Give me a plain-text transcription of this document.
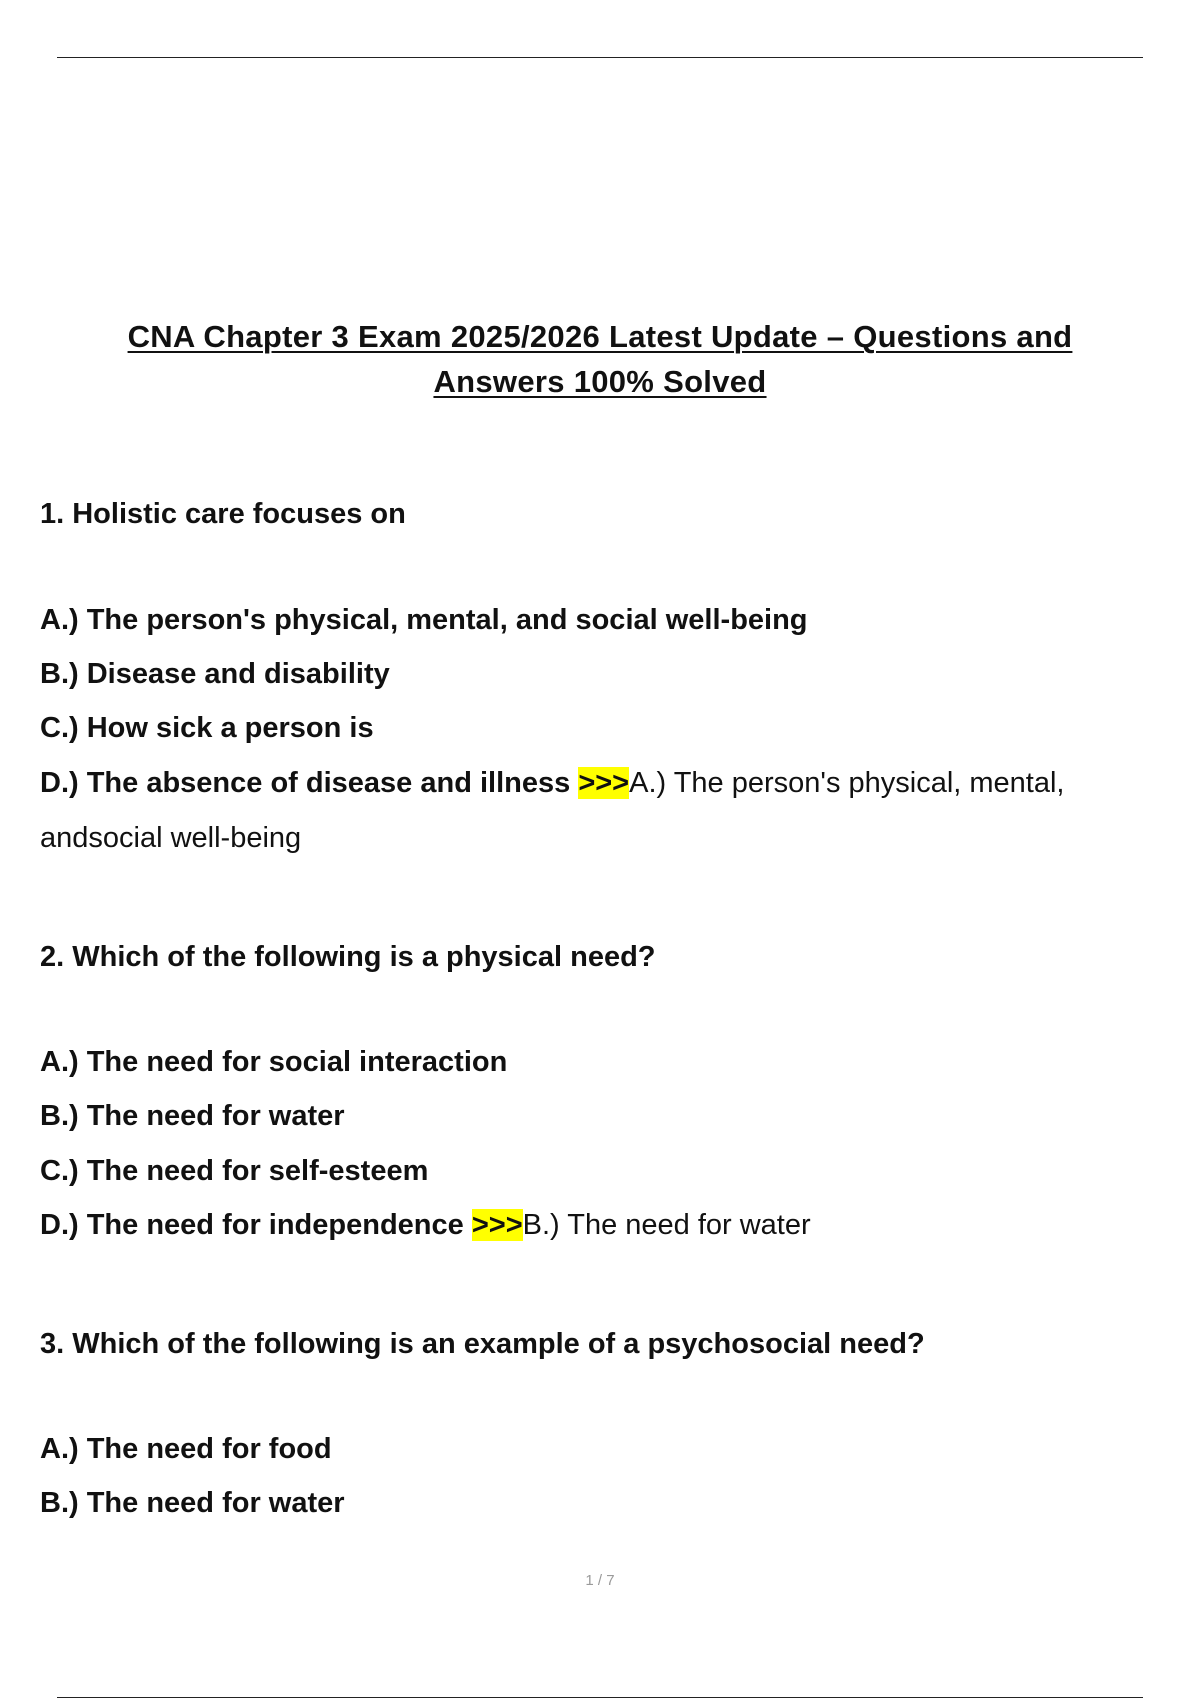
CNA Chapter 3 Exam 2025/2026 Latest Update – Questions and
Answers 100% Solved
1. Holistic care focuses on
A.) The person's physical, mental, and social well-being
B.) Disease and disability
C.) How sick a person is
D.) The absence of disease and illness >>>A.) The person's physical, mental,
andsocial well-being
2. Which of the following is a physical need?
A.) The need for social interaction
B.) The need for water
C.) The need for self-esteem
D.) The need for independence >>>B.) The need for water
3. Which of the following is an example of a psychosocial need?
A.) The need for food
B.) The need for water
1 / 7
